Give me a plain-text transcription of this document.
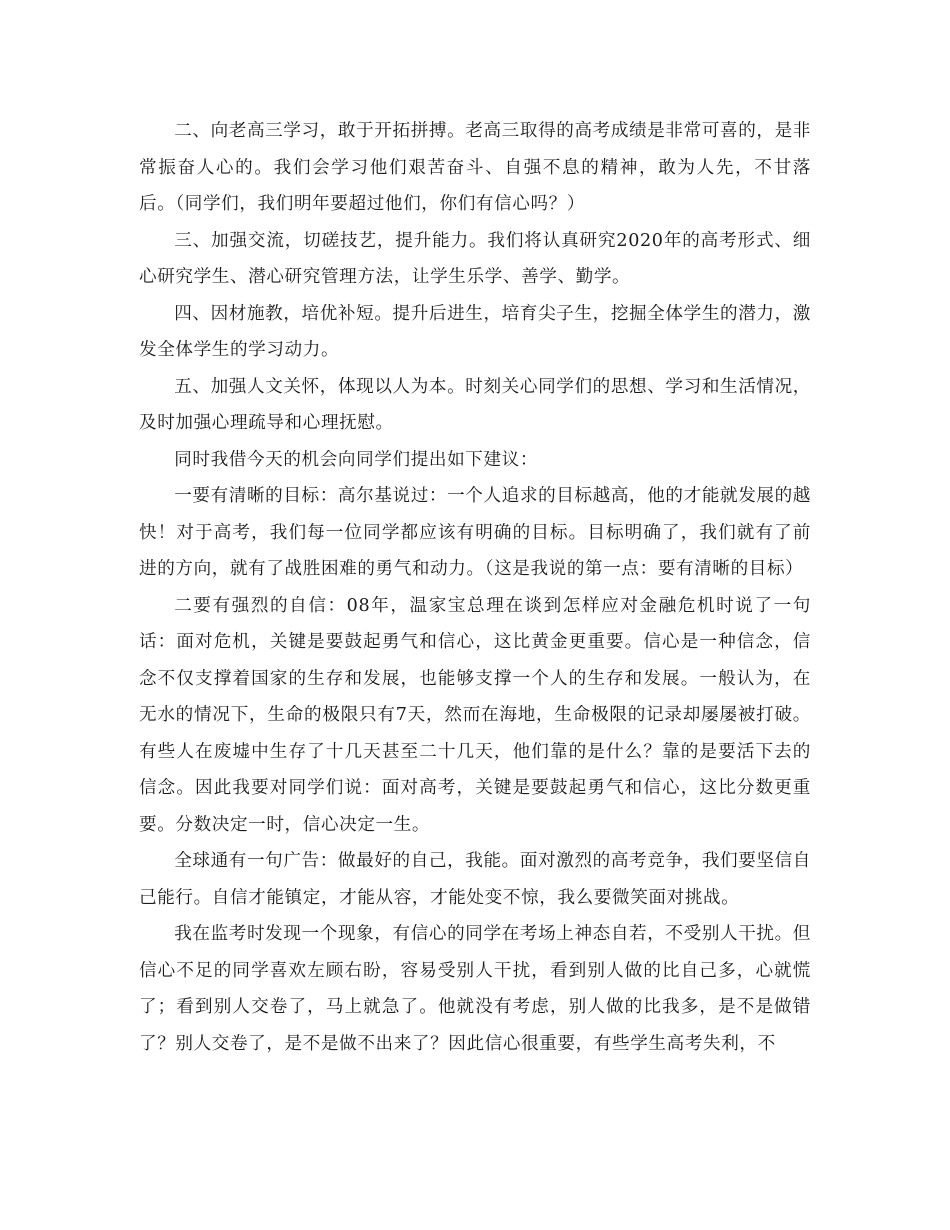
二、向老高三学习，敢于开拓拼搏。老高三取得的高考成绩是非常可喜的，是非常振奋人心的。我们会学习他们艰苦奋斗、自强不息的精神，敢为人先，不甘落后。（同学们，我们明年要超过他们，你们有信心吗？）

三、加强交流，切磋技艺，提升能力。我们将认真研究2020年的高考形式、细心研究学生、潜心研究管理方法，让学生乐学、善学、勤学。

四、因材施教，培优补短。提升后进生，培育尖子生，挖掘全体学生的潜力，激发全体学生的学习动力。

五、加强人文关怀，体现以人为本。时刻关心同学们的思想、学习和生活情况，及时加强心理疏导和心理抚慰。

同时我借今天的机会向同学们提出如下建议：

一要有清晰的目标：高尔基说过：一个人追求的目标越高，他的才能就发展的越快！对于高考，我们每一位同学都应该有明确的目标。目标明确了，我们就有了前进的方向，就有了战胜困难的勇气和动力。（这是我说的第一点：要有清晰的目标）

二要有强烈的自信：08年，温家宝总理在谈到怎样应对金融危机时说了一句话：面对危机，关键是要鼓起勇气和信心，这比黄金更重要。信心是一种信念，信念不仅支撑着国家的生存和发展，也能够支撑一个人的生存和发展。一般认为，在无水的情况下，生命的极限只有7天，然而在海地，生命极限的记录却屡屡被打破。有些人在废墟中生存了十几天甚至二十几天，他们靠的是什么？靠的是要活下去的信念。因此我要对同学们说：面对高考，关键是要鼓起勇气和信心，这比分数更重要。分数决定一时，信心决定一生。

全球通有一句广告：做最好的自己，我能。面对激烈的高考竞争，我们要坚信自己能行。自信才能镇定，才能从容，才能处变不惊，我么要微笑面对挑战。

我在监考时发现一个现象，有信心的同学在考场上神态自若，不受别人干扰。但信心不足的同学喜欢左顾右盼，容易受别人干扰，看到别人做的比自己多，心就慌了；看到别人交卷了，马上就急了。他就没有考虑，别人做的比我多，是不是做错了？别人交卷了，是不是做不出来了？因此信心很重要，有些学生高考失利，不
